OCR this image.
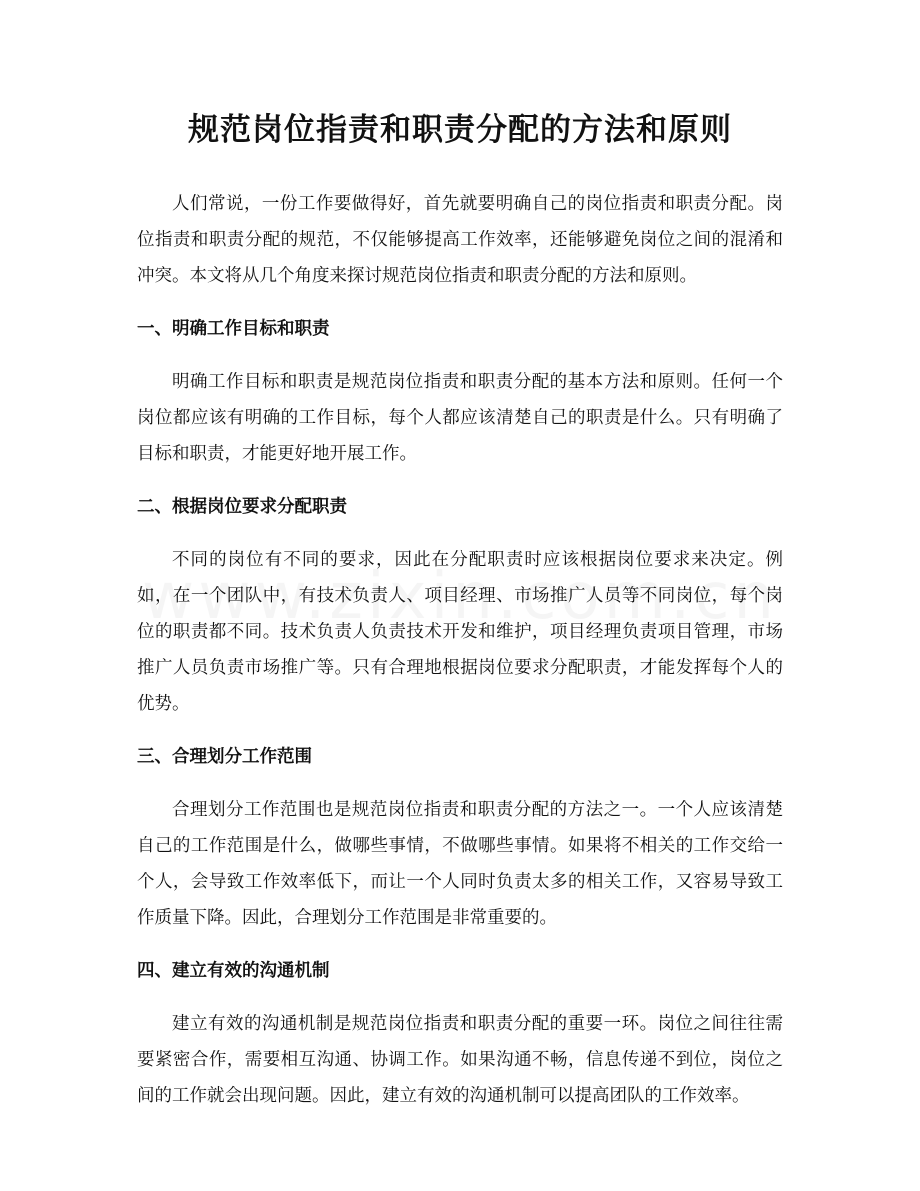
规范岗位指责和职责分配的方法和原则

人们常说，一份工作要做得好，首先就要明确自己的岗位指责和职责分配。岗位指责和职责分配的规范，不仅能够提高工作效率，还能够避免岗位之间的混淆和冲突。本文将从几个角度来探讨规范岗位指责和职责分配的方法和原则。

一、明确工作目标和职责

明确工作目标和职责是规范岗位指责和职责分配的基本方法和原则。任何一个岗位都应该有明确的工作目标，每个人都应该清楚自己的职责是什么。只有明确了目标和职责，才能更好地开展工作。

二、根据岗位要求分配职责

不同的岗位有不同的要求，因此在分配职责时应该根据岗位要求来决定。例如，在一个团队中，有技术负责人、项目经理、市场推广人员等不同岗位，每个岗位的职责都不同。技术负责人负责技术开发和维护，项目经理负责项目管理，市场推广人员负责市场推广等。只有合理地根据岗位要求分配职责，才能发挥每个人的优势。

三、合理划分工作范围

合理划分工作范围也是规范岗位指责和职责分配的方法之一。一个人应该清楚自己的工作范围是什么，做哪些事情，不做哪些事情。如果将不相关的工作交给一个人，会导致工作效率低下，而让一个人同时负责太多的相关工作，又容易导致工作质量下降。因此，合理划分工作范围是非常重要的。

四、建立有效的沟通机制

建立有效的沟通机制是规范岗位指责和职责分配的重要一环。岗位之间往往需要紧密合作，需要相互沟通、协调工作。如果沟通不畅，信息传递不到位，岗位之间的工作就会出现问题。因此，建立有效的沟通机制可以提高团队的工作效率。
